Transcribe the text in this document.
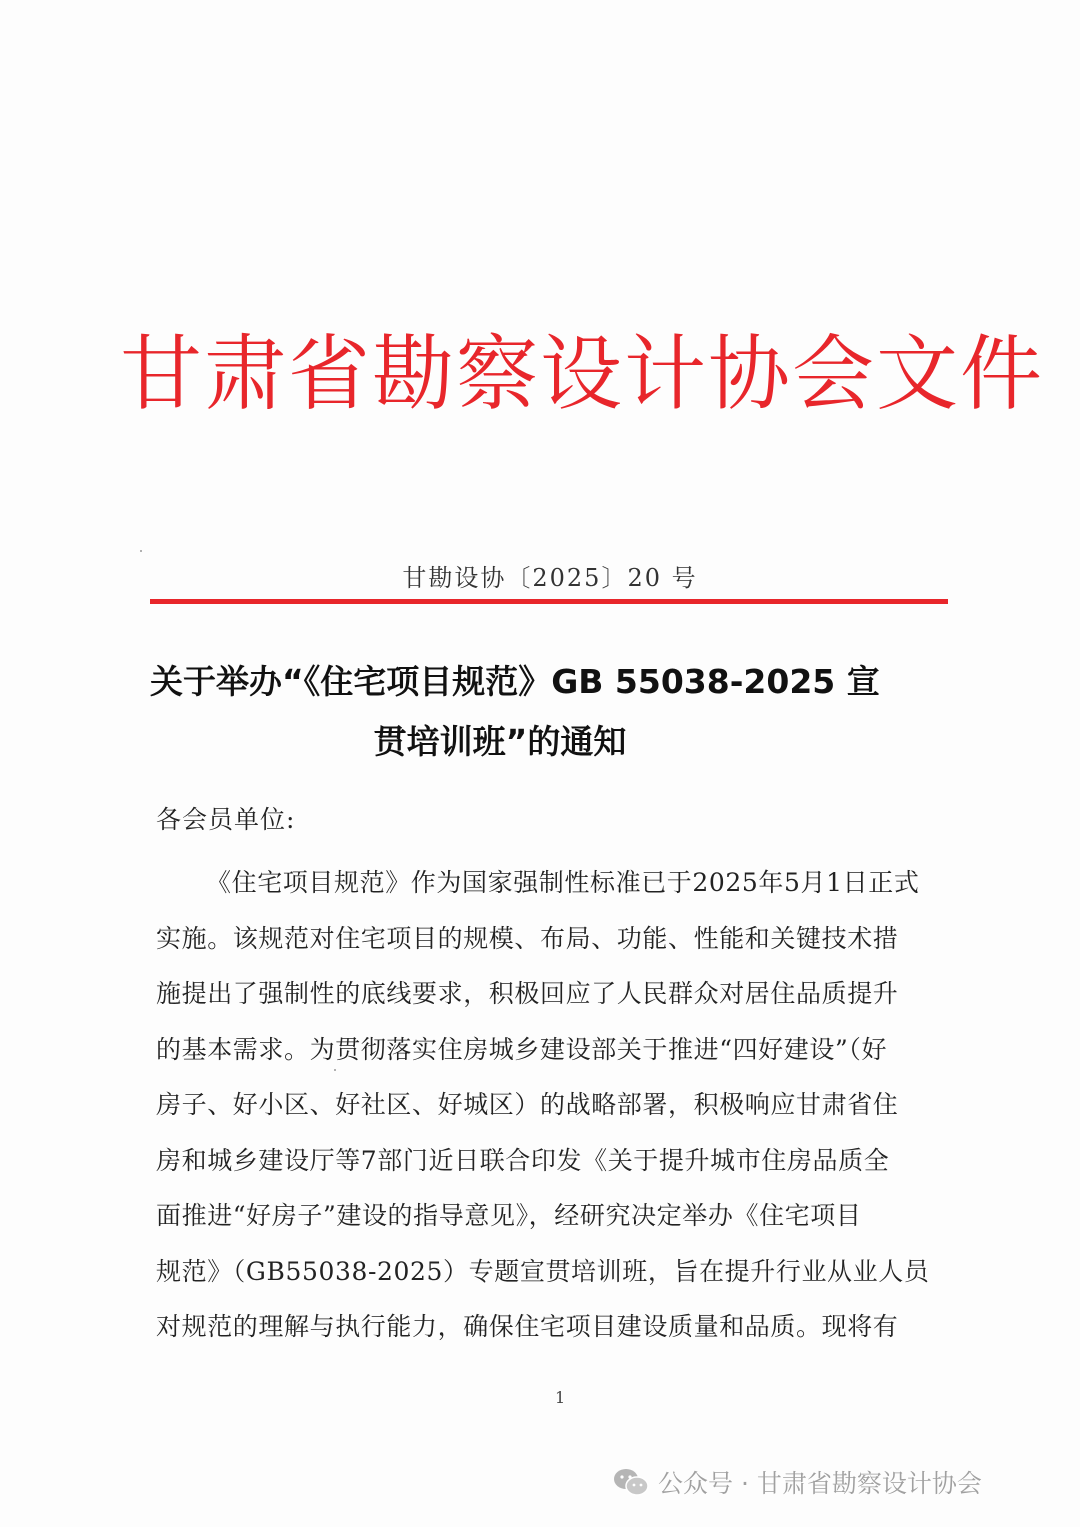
甘肃省勘察设计协会文件
甘勘设协〔2025〕20 号
关于举办“《住宅项目规范》GB 55038-2025 宣
贯培训班”的通知
各会员单位:
《住宅项目规范》作为国家强制性标准已于2025年5月1日正式
实施。该规范对住宅项目的规模、布局、功能、性能和关键技术措
施提出了强制性的底线要求，积极回应了人民群众对居住品质提升
的基本需求。为贯彻落实住房城乡建设部关于推进“四好建设”（好
房子、好小区、好社区、好城区）的战略部署，积极响应甘肃省住
房和城乡建设厅等7部门近日联合印发《关于提升城市住房品质全
面推进“好房子”建设的指导意见》，经研究决定举办《住宅项目
规范》（GB55038-2025）专题宣贯培训班，旨在提升行业从业人员
对规范的理解与执行能力，确保住宅项目建设质量和品质。现将有
1
公众号 · 甘肃省勘察设计协会
